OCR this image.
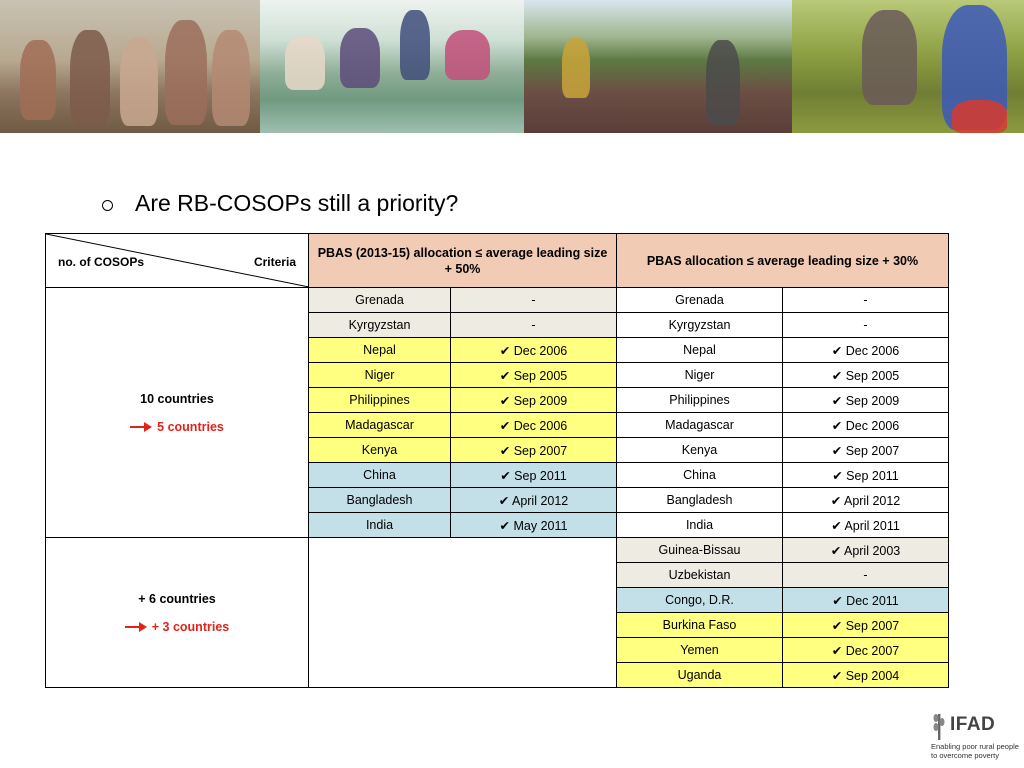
Are RB-COSOPs still a priority?
no. of COSOPs Criteria	PBAS (2013-15) allocation ≤ average leading size + 50%		PBAS allocation ≤ average leading size + 30%	

10 countries
5 countries	Grenada	-	Grenada	-
	Kyrgyzstan	-	Kyrgyzstan	-
	Nepal	✔ Dec 2006	Nepal	✔ Dec 2006
	Niger	✔ Sep 2005	Niger	✔ Sep 2005
	Philippines	✔ Sep 2009	Philippines	✔ Sep 2009
	Madagascar	✔ Dec 2006	Madagascar	✔ Dec 2006
	Kenya	✔ Sep 2007	Kenya	✔ Sep 2007
	China	✔ Sep 2011	China	✔ Sep 2011
	Bangladesh	✔ April 2012	Bangladesh	✔ April 2012
	India	✔ May 2011	India	✔ April 2011

+ 6 countries
+ 3 countries			Guinea-Bissau	✔ April 2003
			Uzbekistan	-
			Congo, D.R.	✔ Dec 2011
			Burkina Faso	✔ Sep 2007
			Yemen	✔ Dec 2007
			Uganda	✔ Sep 2004
IFAD
Enabling poor rural people
to overcome poverty
